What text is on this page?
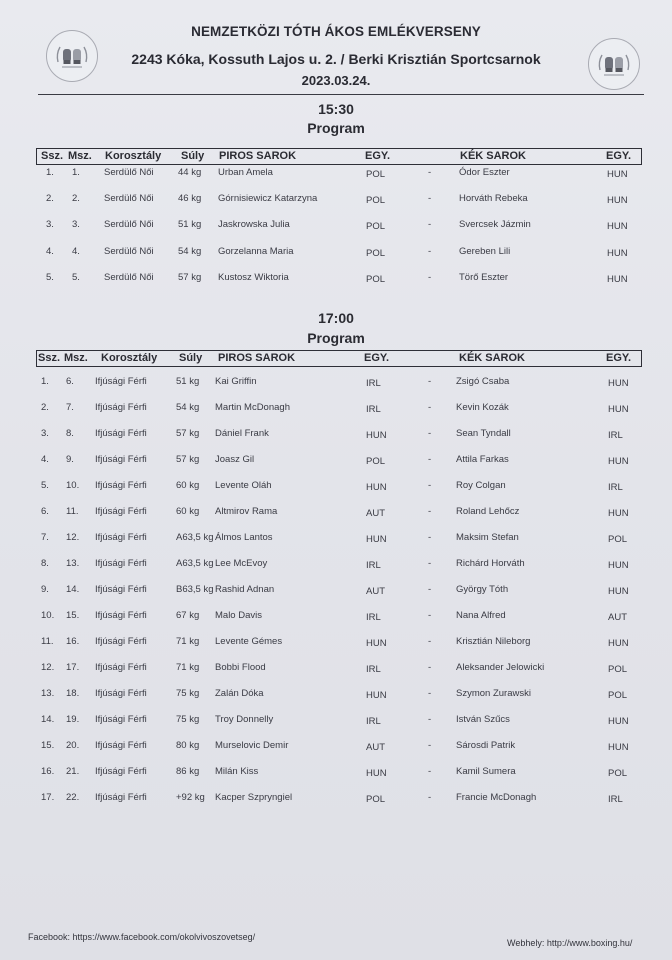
NEMZETKÖZI TÓTH ÁKOS EMLÉKVERSENY
2243 Kóka, Kossuth Lajos u. 2. / Berki Krisztián Sportcsarnok
2023.03.24.
15:30
Program
Ssz. Msz. Korosztály Súly PIROS SAROK	EGY.	KÉK SAROK	EGY.
1. 1.	Serdülő Női	44 kg Urban Amela	POL	-	Ódor Eszter	HUN
2. 2.	Serdülő Női	46 kg Górnisiewicz Katarzyna	POL	-	Horváth Rebeka	HUN
3. 3.	Serdülő Női	51 kg Jaskrowska Julia	POL	-	Svercsek Jázmin	HUN
4. 4.	Serdülő Női	54 kg Gorzelanna Maria	POL	-	Gereben Lili	HUN
5. 5.	Serdülő Női	57 kg Kustosz Wiktoria	POL	-	Törő Eszter	HUN
17:00
Program
Ssz. Msz. Korosztály Súly PIROS SAROK	EGY.	KÉK SAROK	EGY.
1. 6. Ifjúsági Férfi	51 kg Kai Griffin	IRL	-	Zsigó Csaba	HUN
2. 7. Ifjúsági Férfi	54 kg Martin McDonagh	IRL	-	Kevin Kozák	HUN
3. 8. Ifjúsági Férfi	57 kg Dániel Frank	HUN	-	Sean Tyndall	IRL
4. 9. Ifjúsági Férfi	57 kg Joasz Gil	POL	-	Attila Farkas	HUN
5. 10. Ifjúsági Férfi	60 kg Levente Oláh	HUN	-	Roy Colgan	IRL
6. 11. Ifjúsági Férfi	60 kg Altmirov Rama	AUT	-	Roland Lehőcz	HUN
7. 12. Ifjúsági Férfi	A63,5 kg Álmos Lantos	HUN	-	Maksim Stefan	POL
8. 13. Ifjúsági Férfi	A63,5 kg Lee McEvoy	IRL	-	Richárd Horváth	HUN
9. 14. Ifjúsági Férfi	B63,5 kg Rashid Adnan	AUT	-	György Tóth	HUN
10. 15. Ifjúsági Férfi	67 kg Malo Davis	IRL	-	Nana Alfred	AUT
11. 16. Ifjúsági Férfi	71 kg Levente Gémes	HUN	-	Krisztián Nileborg	HUN
12. 17. Ifjúsági Férfi	71 kg Bobbi Flood	IRL	-	Aleksander Jelowicki	POL
13. 18. Ifjúsági Férfi	75 kg Zalán Dóka	HUN	-	Szymon Zurawski	POL
14. 19. Ifjúsági Férfi	75 kg Troy Donnelly	IRL	-	István Szűcs	HUN
15. 20. Ifjúsági Férfi	80 kg Murselovic Demir	AUT	-	Sárosdi Patrik	HUN
16. 21. Ifjúsági Férfi	86 kg Milán Kiss	HUN	-	Kamil Sumera	POL
17. 22. Ifjúsági Férfi	+92 kg Kacper Szpryngiel	POL	-	Francie McDonagh	IRL
Facebook: https://www.facebook.com/okolvivoszovetseg/
Webhely: http://www.boxing.hu/
